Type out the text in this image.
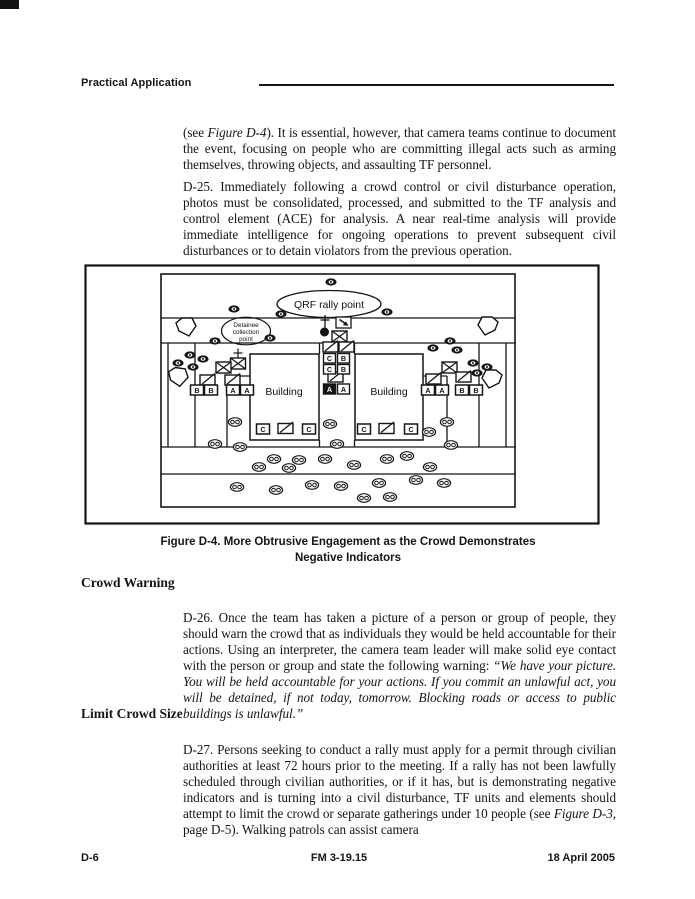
Practical Application

(see Figure D-4). It is essential, however, that camera teams continue to document the event, focusing on people who are committing illegal acts such as arming themselves, throwing objects, and assaulting TF personnel.

D-25. Immediately following a crowd control or civil disturbance operation, photos must be consolidated, processed, and submitted to the TF analysis and control element (ACE) for analysis. A near real-time analysis will provide immediate intelligence for ongoing operations to prevent subsequent civil disturbances or to detain violators from the previous operation.

Building	Building
QRF rally point
Detainee
collection
point
C B
C B
A A
B B A A	A A B B
C	C	C	C
Figure D-4. More Obtrusive Engagement as the Crowd Demonstrates
Negative Indicators
Crowd Warning

D-26. Once the team has taken a picture of a person or group of people, they should warn the crowd that as individuals they would be held accountable for their actions. Using an interpreter, the camera team leader will make solid eye contact with the person or group and state the following warning: “We have your picture. You will be held accountable for your actions. If you commit an unlawful act, you will be detained, if not today, tomorrow. Blocking roads or access to public buildings is unlawful.”

Limit Crowd Size

D-27. Persons seeking to conduct a rally must apply for a permit through civilian authorities at least 72 hours prior to the meeting. If a rally has not been lawfully scheduled through civilian authorities, or if it has, but is demonstrating negative indicators and is turning into a civil disturbance, TF units and elements should attempt to limit the crowd or separate gatherings under 10 people (see Figure D-3, page D-5). Walking patrols can assist camera

D-6	FM 3-19.15	18 April 2005
